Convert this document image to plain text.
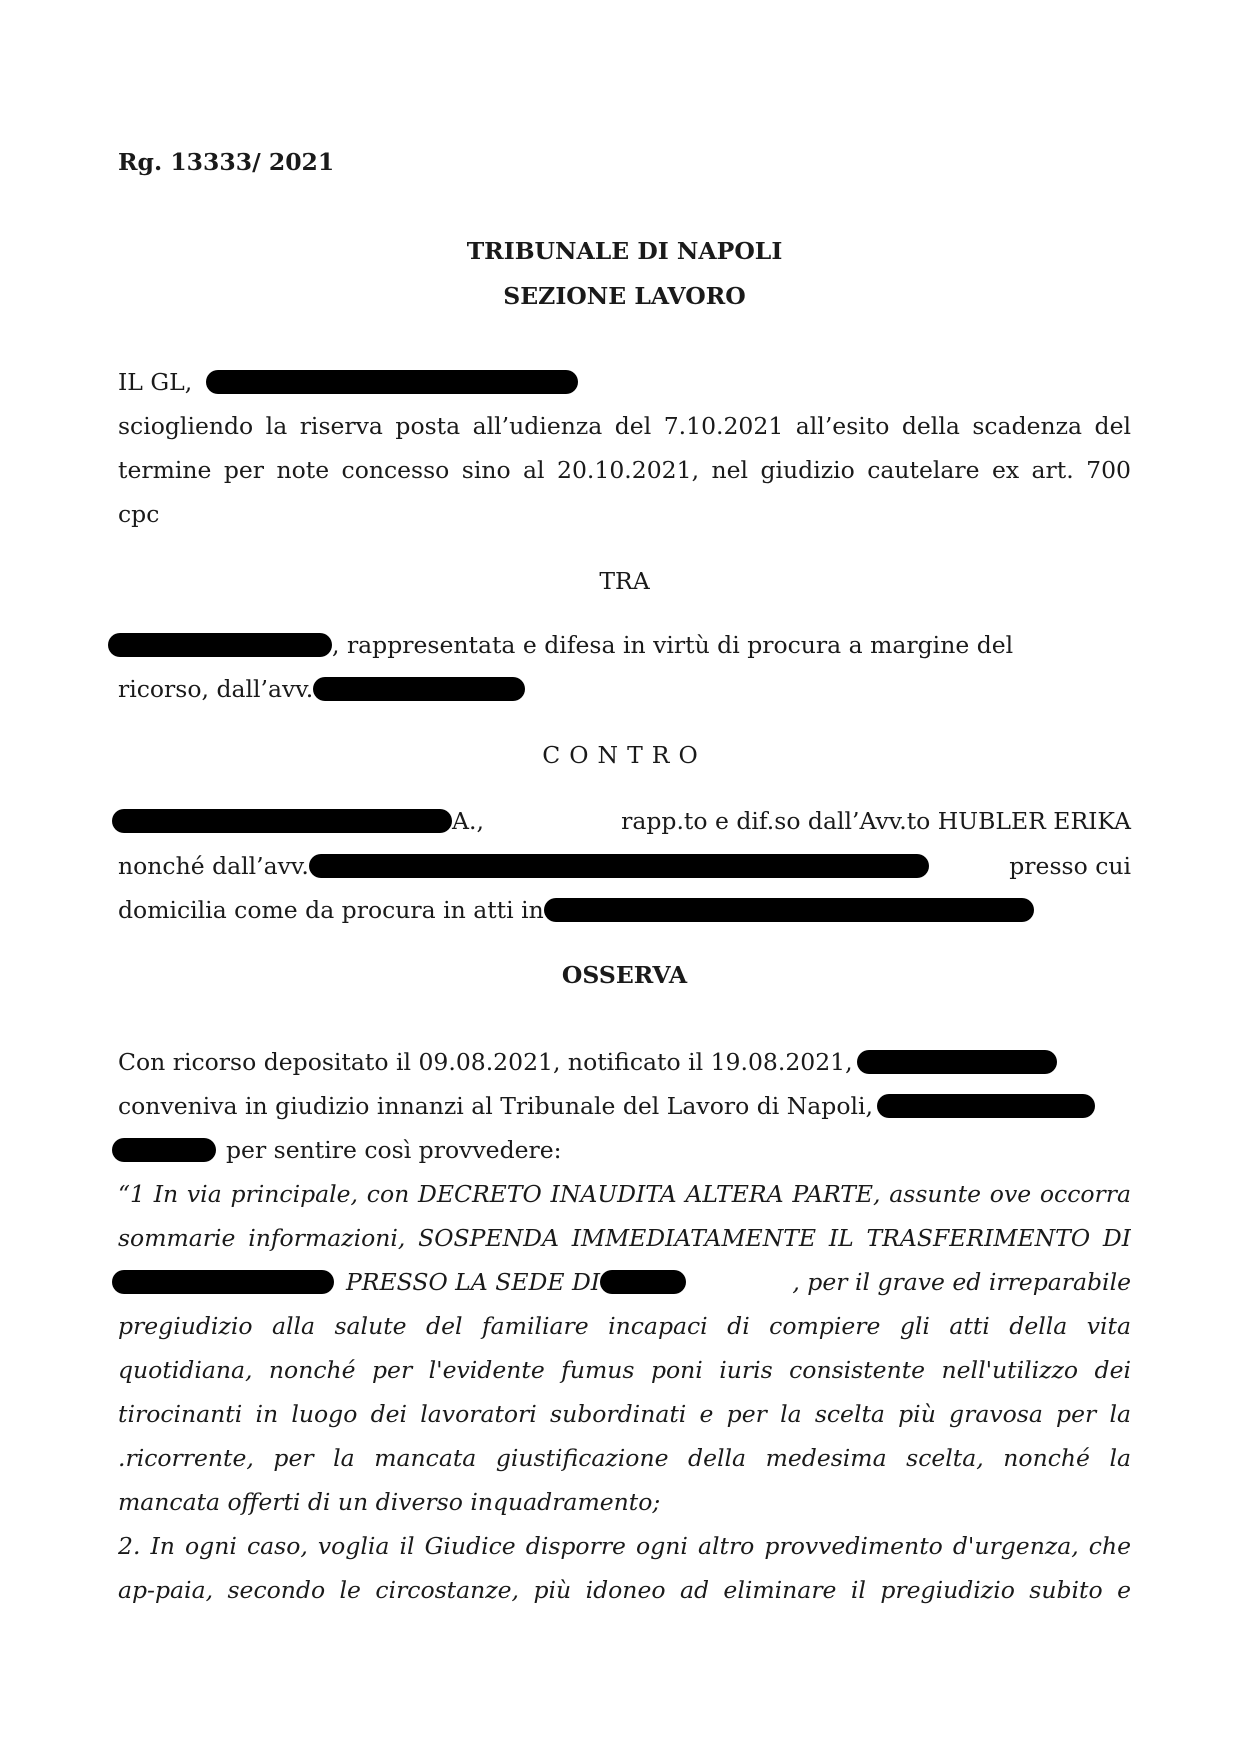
Rg. 13333/ 2021
TRIBUNALE DI NAPOLI
SEZIONE LAVORO
IL GL,
sciogliendo la riserva posta all’udienza del 7.10.2021 all’esito della scadenza del
termine per note concesso sino al 20.10.2021, nel giudizio cautelare ex art. 700
cpc
TRA
, rappresentata e difesa in virtù di procura a margine del
ricorso, dall’avv.
CONTRO
A.,	rapp.to e dif.so dall’Avv.to HUBLER ERIKA
nonché dall’avv.	presso cui
domicilia come da procura in atti in
OSSERVA
Con ricorso depositato il 09.08.2021, notificato il 19.08.2021,
conveniva in giudizio innanzi al Tribunale del Lavoro di Napoli,
per sentire così provvedere:
“1 In via principale, con DECRETO INAUDITA ALTERA PARTE, assunte ove occorra
sommarie informazioni, SOSPENDA IMMEDIATAMENTE IL TRASFERIMENTO DI
PRESSO LA SEDE DI	, per il grave ed irreparabile
pregiudizio alla salute del familiare incapaci di compiere gli atti della vita
quotidiana, nonché per l'evidente fumus poni iuris consistente nell'utilizzo dei
tirocinanti in luogo dei lavoratori subordinati e per la scelta più gravosa per la
.ricorrente, per la mancata giustificazione della medesima scelta, nonché la
mancata offerti di un diverso inquadramento;
2. In ogni caso, voglia il Giudice disporre ogni altro provvedimento d'urgenza, che
ap-paia, secondo le circostanze, più idoneo ad eliminare il pregiudizio subito e
